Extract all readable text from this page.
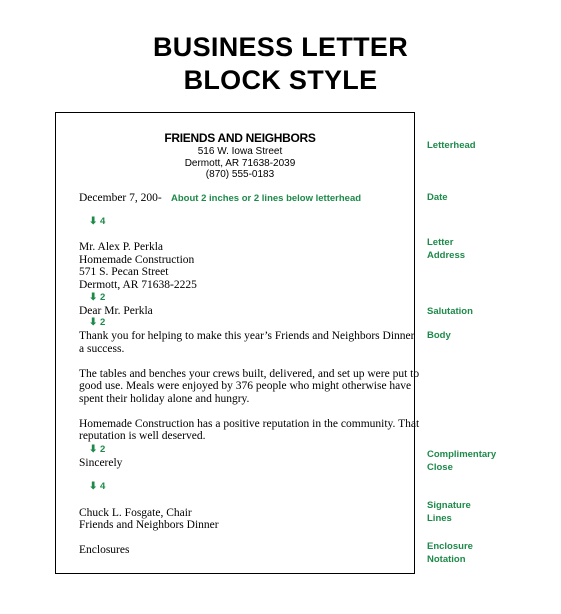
BUSINESS LETTER
BLOCK STYLE
FRIENDS AND NEIGHBORS
516 W. Iowa Street
Dermott, AR 71638-2039
(870) 555-0183
December 7, 200- About 2 inches or 2 lines below letterhead
⬇ 4
Mr. Alex P. Perkla
Homemade Construction
571 S. Pecan Street
Dermott, AR 71638-2225
⬇ 2
Dear Mr. Perkla
⬇ 2
Thank you for helping to make this year’s Friends and Neighbors Dinner
a success.
The tables and benches your crews built, delivered, and set up were put to
good use. Meals were enjoyed by 376 people who might otherwise have
spent their holiday alone and hungry.
Homemade Construction has a positive reputation in the community. That
reputation is well deserved.
⬇ 2
Sincerely
⬇ 4
Chuck L. Fosgate, Chair
Friends and Neighbors Dinner
Enclosures
Letterhead
Date
Letter
Address
Salutation
Body
Complimentary
Close
Signature
Lines
Enclosure
Notation
